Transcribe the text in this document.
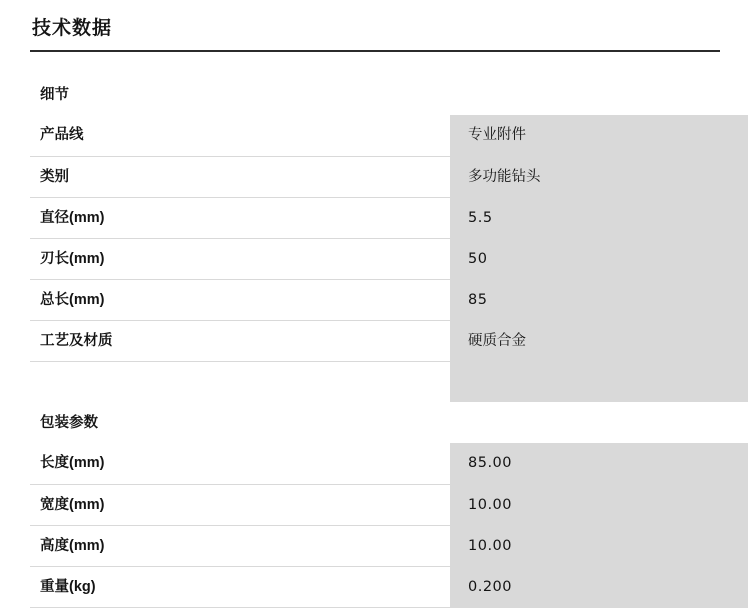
技术数据
细节	
产品线	专业附件
类别	多功能钻头
直径(mm)	5.5
刃长(mm)	50
总长(mm)	85
工艺及材质	硬质合金

包装参数	
长度(mm)	85.00
宽度(mm)	10.00
高度(mm)	10.00
重量(kg)	0.200
